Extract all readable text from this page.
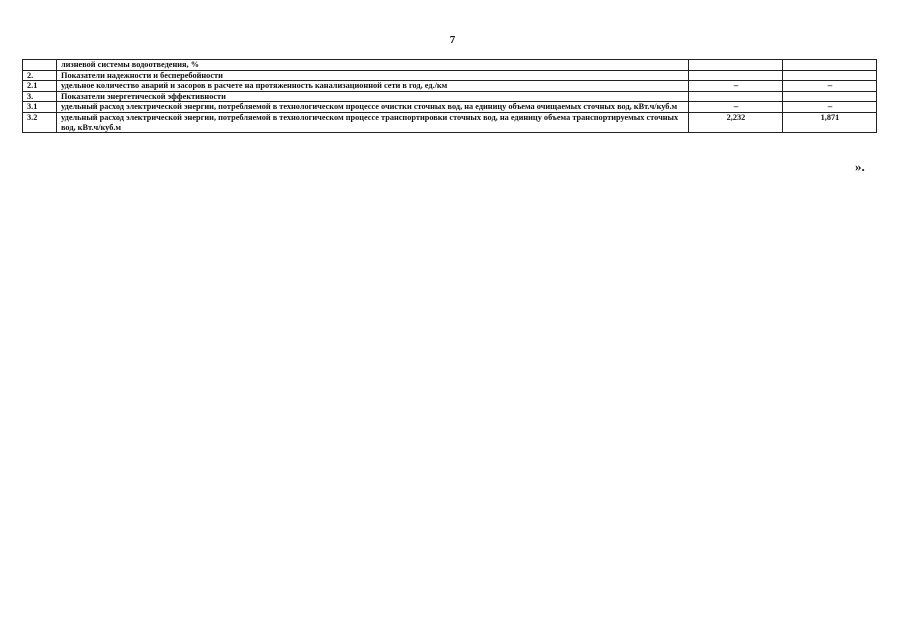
7
	лизневой системы водоотведения, %		
2.	Показатели надежности и бесперебойности		
2.1	удельное количество аварий и засоров в расчете на протяженность канализационной сети в год, ед./км	–	–
3.	Показатели энергетической эффективности		
3.1	удельный расход электрической энергии, потребляемой в технологическом процессе очистки сточных вод, на единицу объема очищаемых сточных вод, кВт.ч/куб.м	–	–
3.2	удельный расход электрической энергии, потребляемой в технологическом процессе транспортировки сточных вод, на единицу объема транспортируемых сточных вод, кВт.ч/куб.м	2,232	1,871
».
